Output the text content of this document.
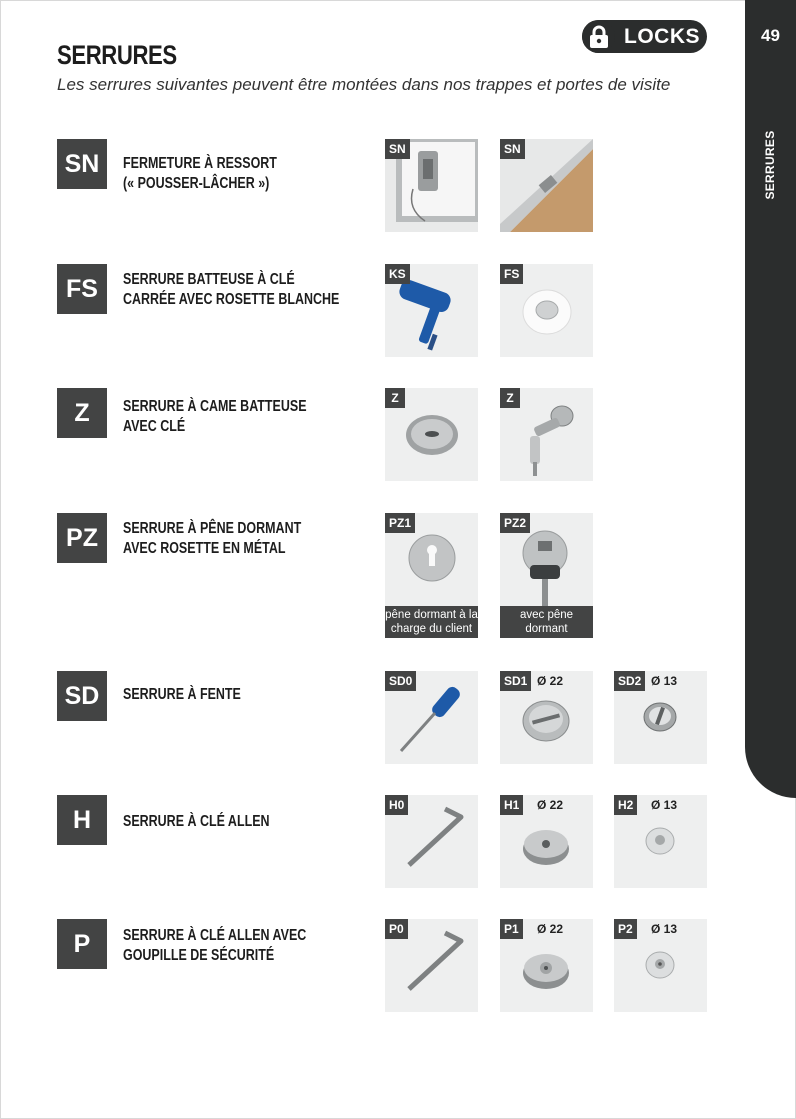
49
SERRURES
LOCKS
SERRURES
Les serrures suivantes peuvent être montées dans nos trappes et portes de visite
SN	FERMETURE À RESSORT
(« POUSSER-LÂCHER »)
FS	SERRURE BATTEUSE À CLÉ
CARRÉE AVEC ROSETTE BLANCHE
Z	SERRURE À CAME BATTEUSE
AVEC CLÉ
PZ	SERRURE À PÊNE DORMANT
AVEC ROSETTE EN MÉTAL
SD	SERRURE À FENTE
H	SERRURE À CLÉ ALLEN
P	SERRURE À CLÉ ALLEN AVEC
GOUPILLE DE SÉCURITÉ
SN	SN
KS	FS
Z	Z
PZ1
pêne dormant à la
charge du client
PZ2
avec pêne
dormant
SD0	SD1 Ø 22	SD2 Ø 13
H0	H1	Ø 22	H2	Ø 13
P0	P1	Ø 22	P2	Ø 13
